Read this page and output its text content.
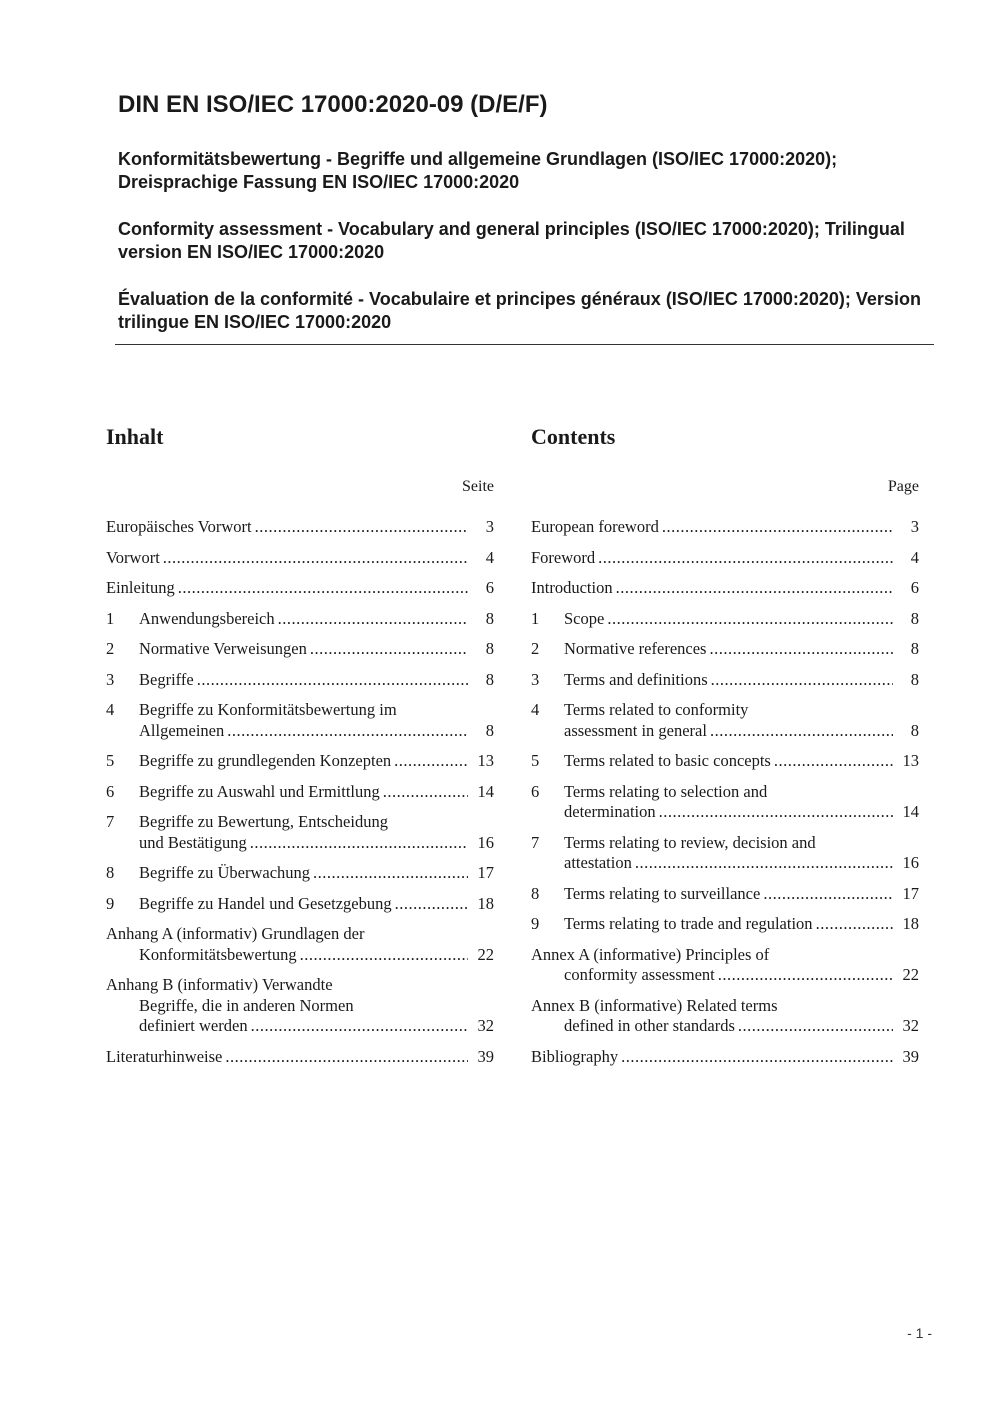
DIN EN ISO/IEC 17000:2020-09 (D/E/F)

Konformitätsbewertung - Begriffe und allgemeine Grundlagen (ISO/IEC 17000:2020); Dreisprachige Fassung EN ISO/IEC 17000:2020

Conformity assessment - Vocabulary and general principles (ISO/IEC 17000:2020); Trilingual version EN ISO/IEC 17000:2020

Évaluation de la conformité - Vocabulaire et principes généraux (ISO/IEC 17000:2020); Version trilingue EN ISO/IEC 17000:2020

Inhalt
Seite
Europäisches Vorwort .....	3
Vorwort .....	4
Einleitung .....	6
1 Anwendungsbereich .....	8
2 Normative Verweisungen .....	8
3 Begriffe .....	8
4 Begriffe zu Konformitätsbewertung im
Allgemeinen .....	8
5 Begriffe zu grundlegenden Konzepten .....	13
6 Begriffe zu Auswahl und Ermittlung .....	14
7 Begriffe zu Bewertung, Entscheidung
und Bestätigung .....	16
8 Begriffe zu Überwachung .....	17
9 Begriffe zu Handel und Gesetzgebung .....	18
Anhang A (informativ) Grundlagen der
Konformitätsbewertung .....	22
Anhang B (informativ) Verwandte
Begriffe, die in anderen Normen
definiert werden .....	32
Literaturhinweise .....	39
Contents
Page
European foreword .....	3
Foreword .....	4
Introduction .....	6
1 Scope .....	8
2 Normative references .....	8
3 Terms and definitions .....	8
4 Terms related to conformity
assessment in general .....	8
5 Terms related to basic concepts .....	13
6 Terms relating to selection and
determination .....	14
7 Terms relating to review, decision and
attestation .....	16
8 Terms relating to surveillance .....	17
9 Terms relating to trade and regulation .....	18
Annex A (informative) Principles of
conformity assessment .....	22
Annex B (informative) Related terms
defined in other standards .....	32
Bibliography .....	39
- 1 -
